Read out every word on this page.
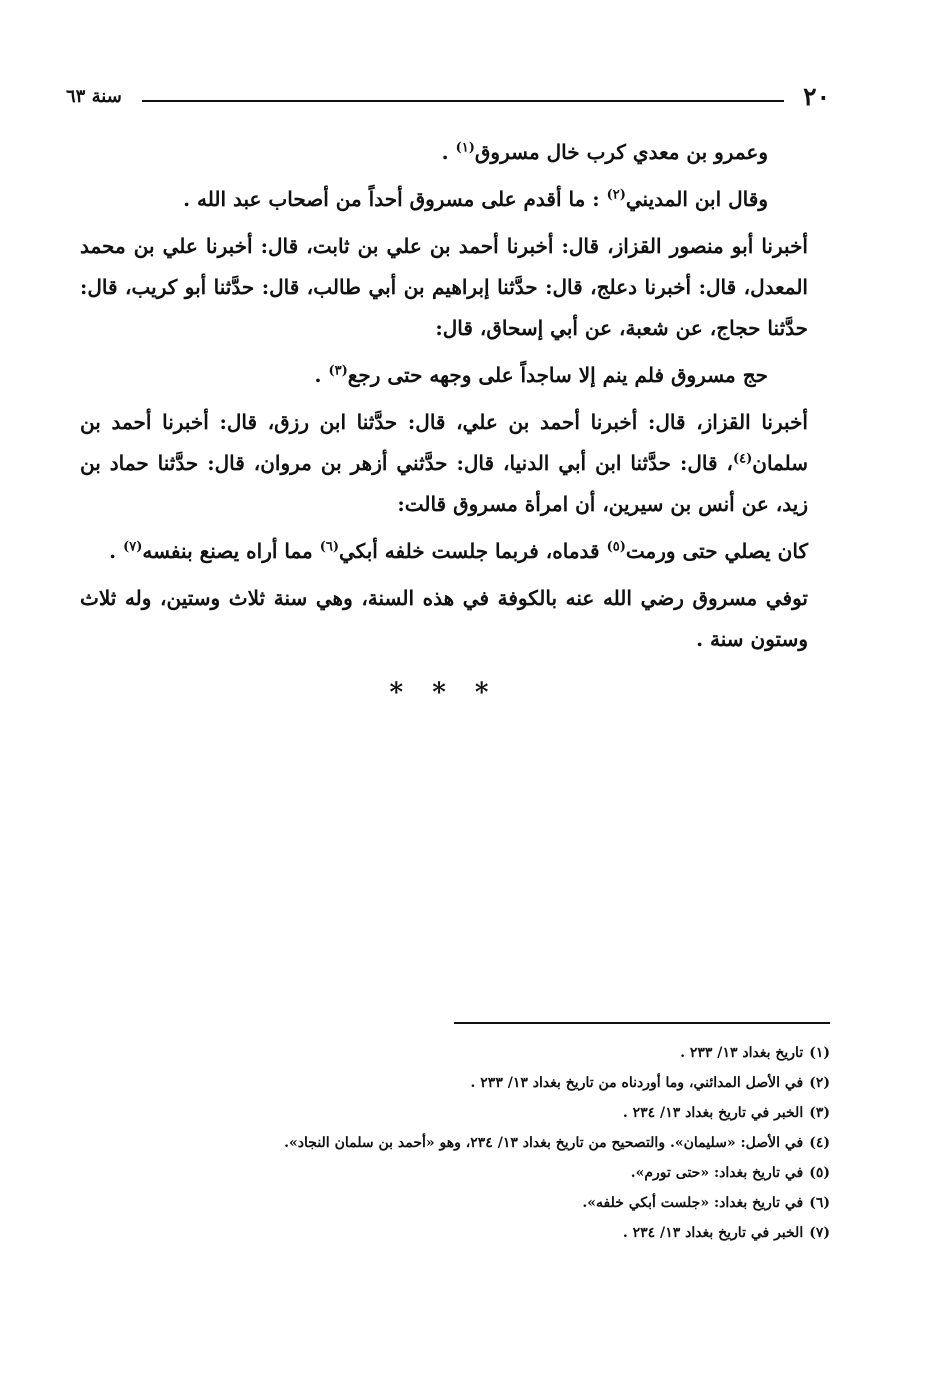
٢٠
سنة ٦٣

وعمرو بن معدي كرب خال مسروق$^{(١)}$ .

وقال ابن المديني$^{(٢)}$ : ما أقدم على مسروق أحداً من أصحاب عبد الله .

أخبرنا أبو منصور القزاز، قال: أخبرنا أحمد بن علي بن ثابت، قال: أخبرنا علي بن محمد المعدل، قال: أخبرنا دعلج، قال: حدَّثنا إبراهيم بن أبي طالب، قال: حدَّثنا أبو كريب، قال: حدَّثنا حجاج، عن شعبة، عن أبي إسحاق، قال:

حج مسروق فلم ينم إلا ساجداً على وجهه حتى رجع$^{(٣)}$ .

أخبرنا القزاز، قال: أخبرنا أحمد بن علي، قال: حدَّثنا ابن رزق، قال: أخبرنا أحمد بن سلمان$^{(٤)}$، قال: حدَّثنا ابن أبي الدنيا، قال: حدَّثني أزهر بن مروان، قال: حدَّثنا حماد بن زيد، عن أنس بن سيرين، أن امرأة مسروق قالت:

كان يصلي حتى ورمت$^{(٥)}$ قدماه، فربما جلست خلفه أبكي$^{(٦)}$ مما أراه يصنع بنفسه$^{(٧)}$ .

توفي مسروق رضي الله عنه بالكوفة في هذه السنة، وهي سنة ثلاث وستين، وله ثلاث وستون سنة .

* * *

(١)تاريخ بغداد ١٣/ ٢٣٣ .

(٢)في الأصل المدائني، وما أوردناه من تاريخ بغداد ١٣/ ٢٣٣ .

(٣)الخبر في تاريخ بغداد ١٣/ ٢٣٤ .

(٤)في الأصل: «سليمان». والتصحيح من تاريخ بغداد ١٣/ ٢٣٤، وهو «أحمد بن سلمان النجاد».

(٥)في تاريخ بغداد: «حتى تورم».

(٦)في تاريخ بغداد: «جلست أبكي خلفه».

(٧)الخبر في تاريخ بغداد ١٣/ ٢٣٤ .
